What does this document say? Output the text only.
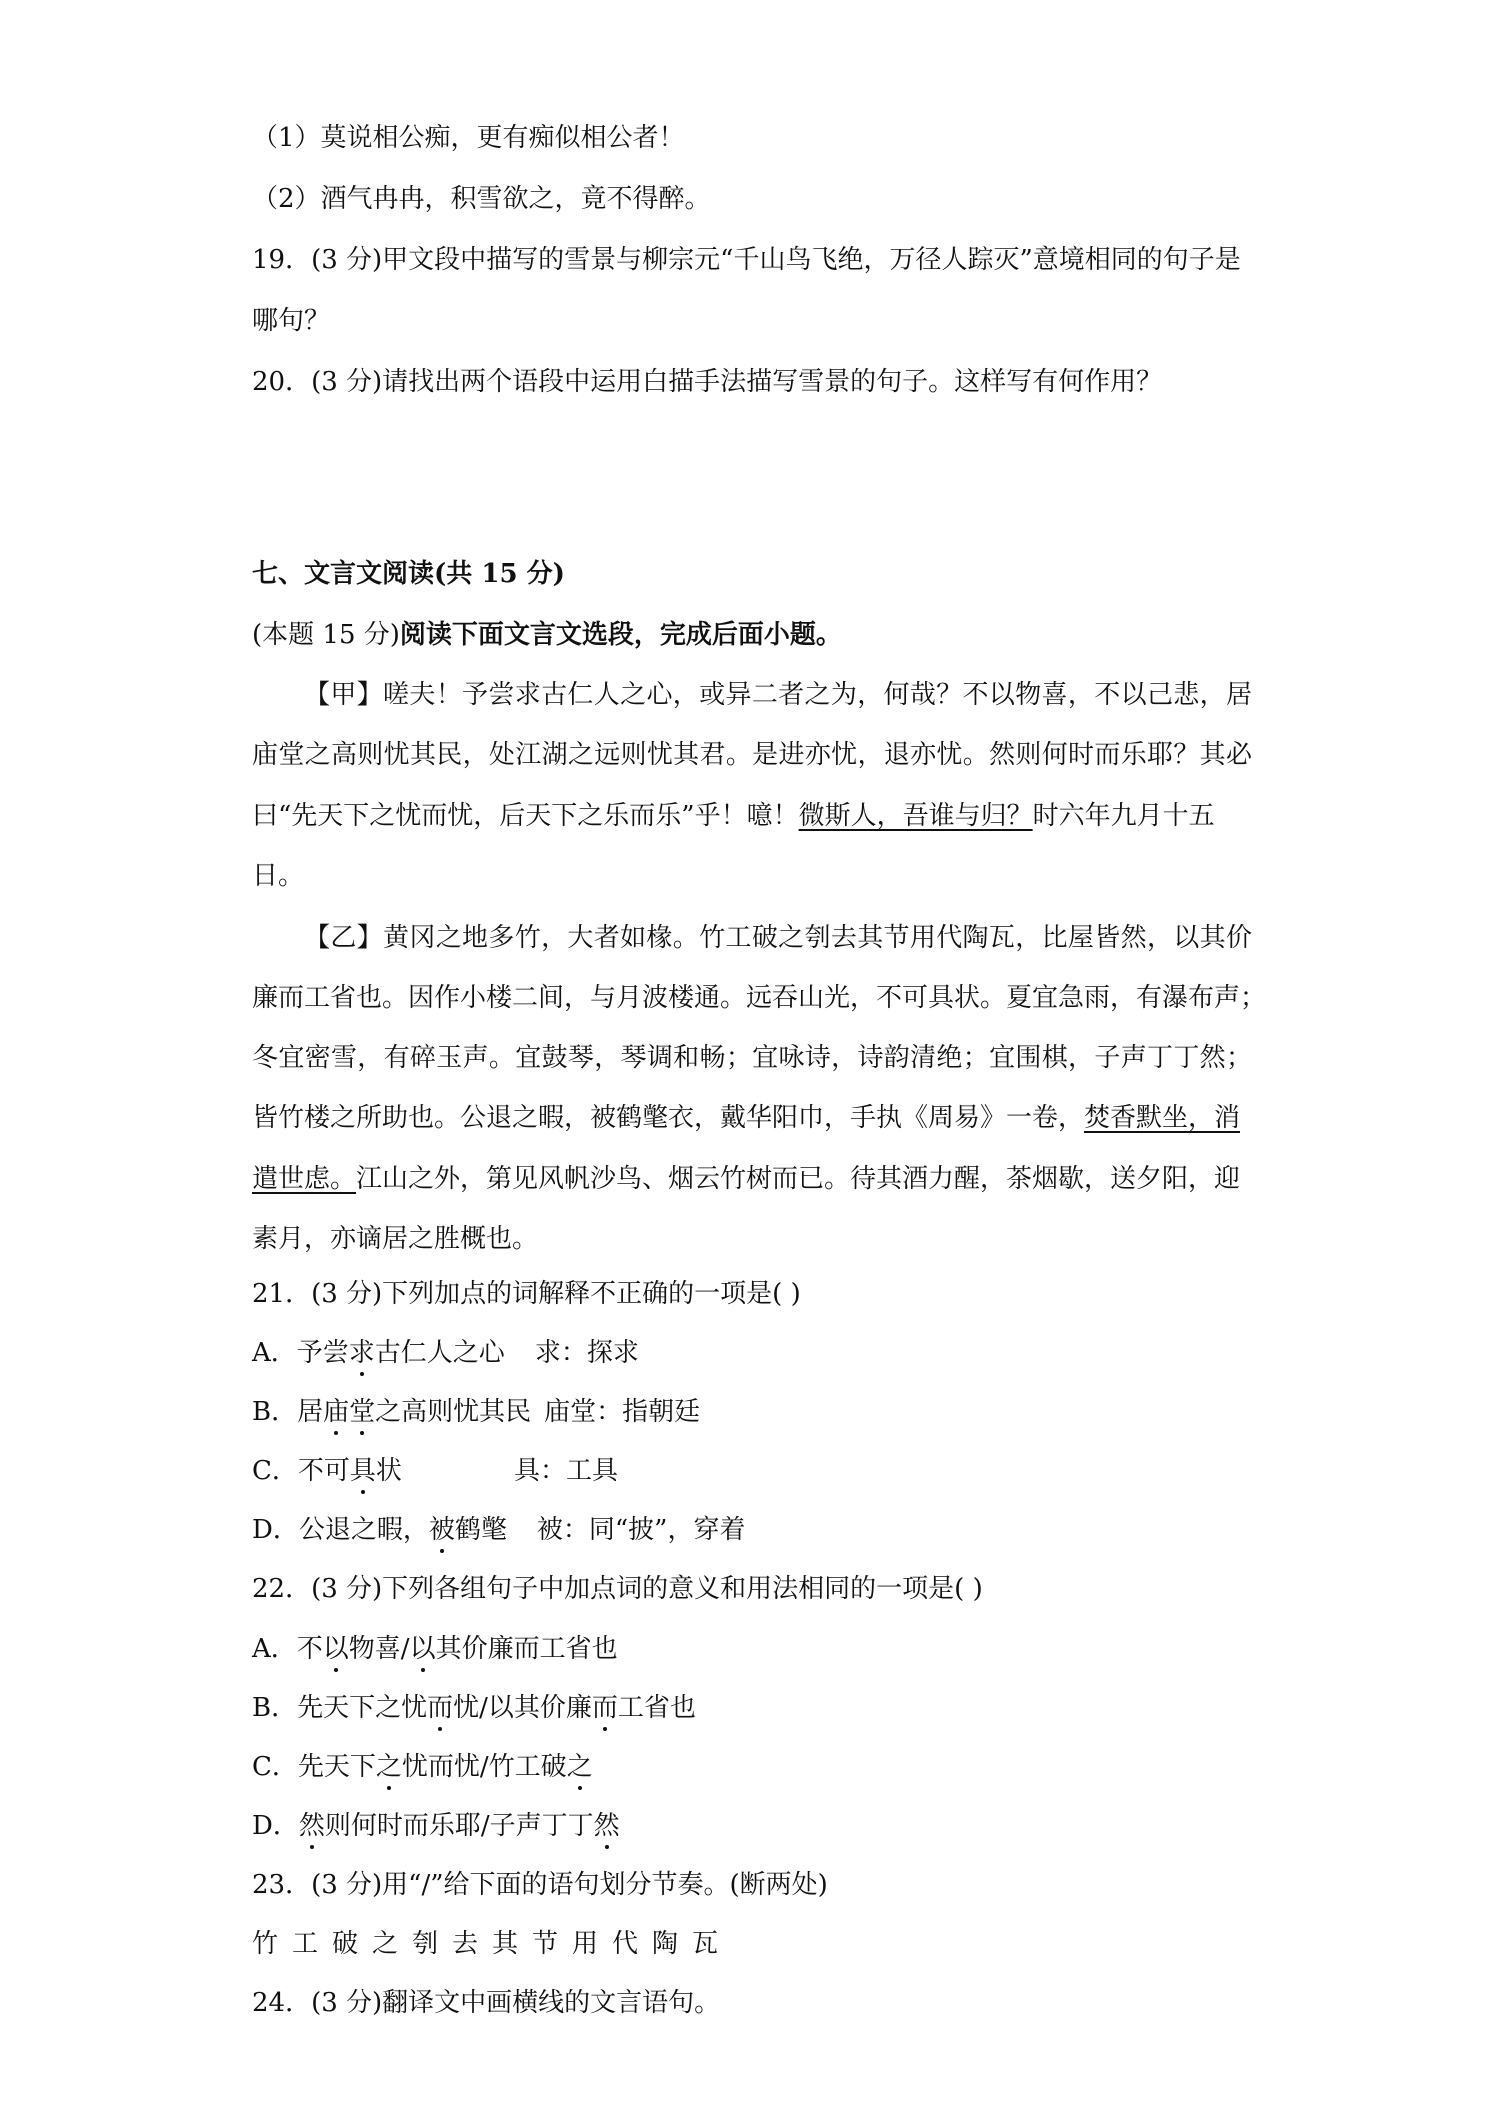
（1）莫说相公痴，更有痴似相公者！
（2）酒气冉冉，积雪欲之，竟不得醉。
19．(3 分)甲文段中描写的雪景与柳宗元“千山鸟飞绝，万径人踪灭”意境相同的句子是
哪句？
20．(3 分)请找出两个语段中运用白描手法描写雪景的句子。这样写有何作用？
七、文言文阅读(共 15 分)
(本题 15 分)阅读下面文言文选段，完成后面小题。
【甲】嗟夫！予尝求古仁人之心，或异二者之为，何哉？不以物喜，不以己悲，居
庙堂之高则忧其民，处江湖之远则忧其君。是进亦忧，退亦忧。然则何时而乐耶？其必
曰“先天下之忧而忧，后天下之乐而乐”乎！噫！微斯人，吾谁与归？时六年九月十五
日。
【乙】黄冈之地多竹，大者如椽。竹工破之刳去其节用代陶瓦，比屋皆然，以其价
廉而工省也。因作小楼二间，与月波楼通。远吞山光，不可具状。夏宜急雨，有瀑布声；
冬宜密雪，有碎玉声。宜鼓琴，琴调和畅；宜咏诗，诗韵清绝；宜围棋，子声丁丁然；
皆竹楼之所助也。公退之暇，被鹤氅衣，戴华阳巾，手执《周易》一卷，焚香默坐，消
遣世虑。江山之外，第见风帆沙鸟、烟云竹树而已。待其酒力醒，茶烟歇，送夕阳，迎
素月，亦谪居之胜概也。
21．(3 分)下列加点的词解释不正确的一项是( )
A．予尝求古仁人之心 求：探求
B．居庙堂之高则忧其民 庙堂：指朝廷
C．不可具状	具：工具
D．公退之暇，被鹤氅 被：同“披”，穿着
22．(3 分)下列各组句子中加点词的意义和用法相同的一项是( )
A．不以物喜/以其价廉而工省也
B．先天下之忧而忧/以其价廉而工省也
C．先天下之忧而忧/竹工破之
D．然则何时而乐耶/子声丁丁然
23．(3 分)用“/”给下面的语句划分节奏。(断两处)
竹工破之刳去其节用代陶瓦
24．(3 分)翻译文中画横线的文言语句。
